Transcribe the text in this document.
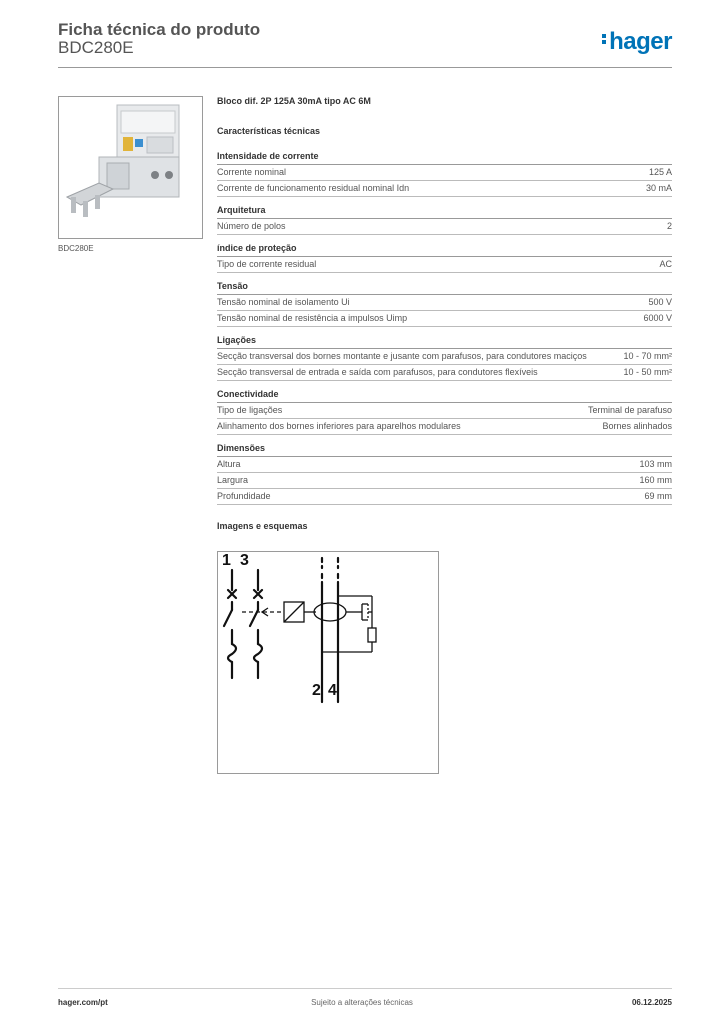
Ficha técnica do produto
BDC280E	hager
BDC280E
Bloco dif. 2P 125A 30mA tipo AC 6M
Características técnicas
Intensidade de corrente
Corrente nominal	125 A
Corrente de funcionamento residual nominal Idn	30 mA
Arquitetura
Número de polos	2
índice de proteção
Tipo de corrente residual	AC
Tensão
Tensão nominal de isolamento Ui	500 V
Tensão nominal de resistência a impulsos Uimp	6000 V
Ligações
Secção transversal dos bornes montante e jusante com parafusos, para condutores maciços	10 - 70 mm²
Secção transversal de entrada e saída com parafusos, para condutores flexíveis	10 - 50 mm²
Conectividade
Tipo de ligações	Terminal de parafuso
Alinhamento dos bornes inferiores para aparelhos modulares	Bornes alinhados
Dimensões
Altura	103 mm
Largura	160 mm
Profundidade	69 mm
Imagens e esquemas
1 3
2 4
hager.com/pt	Sujeito a alterações técnicas	06.12.2025
